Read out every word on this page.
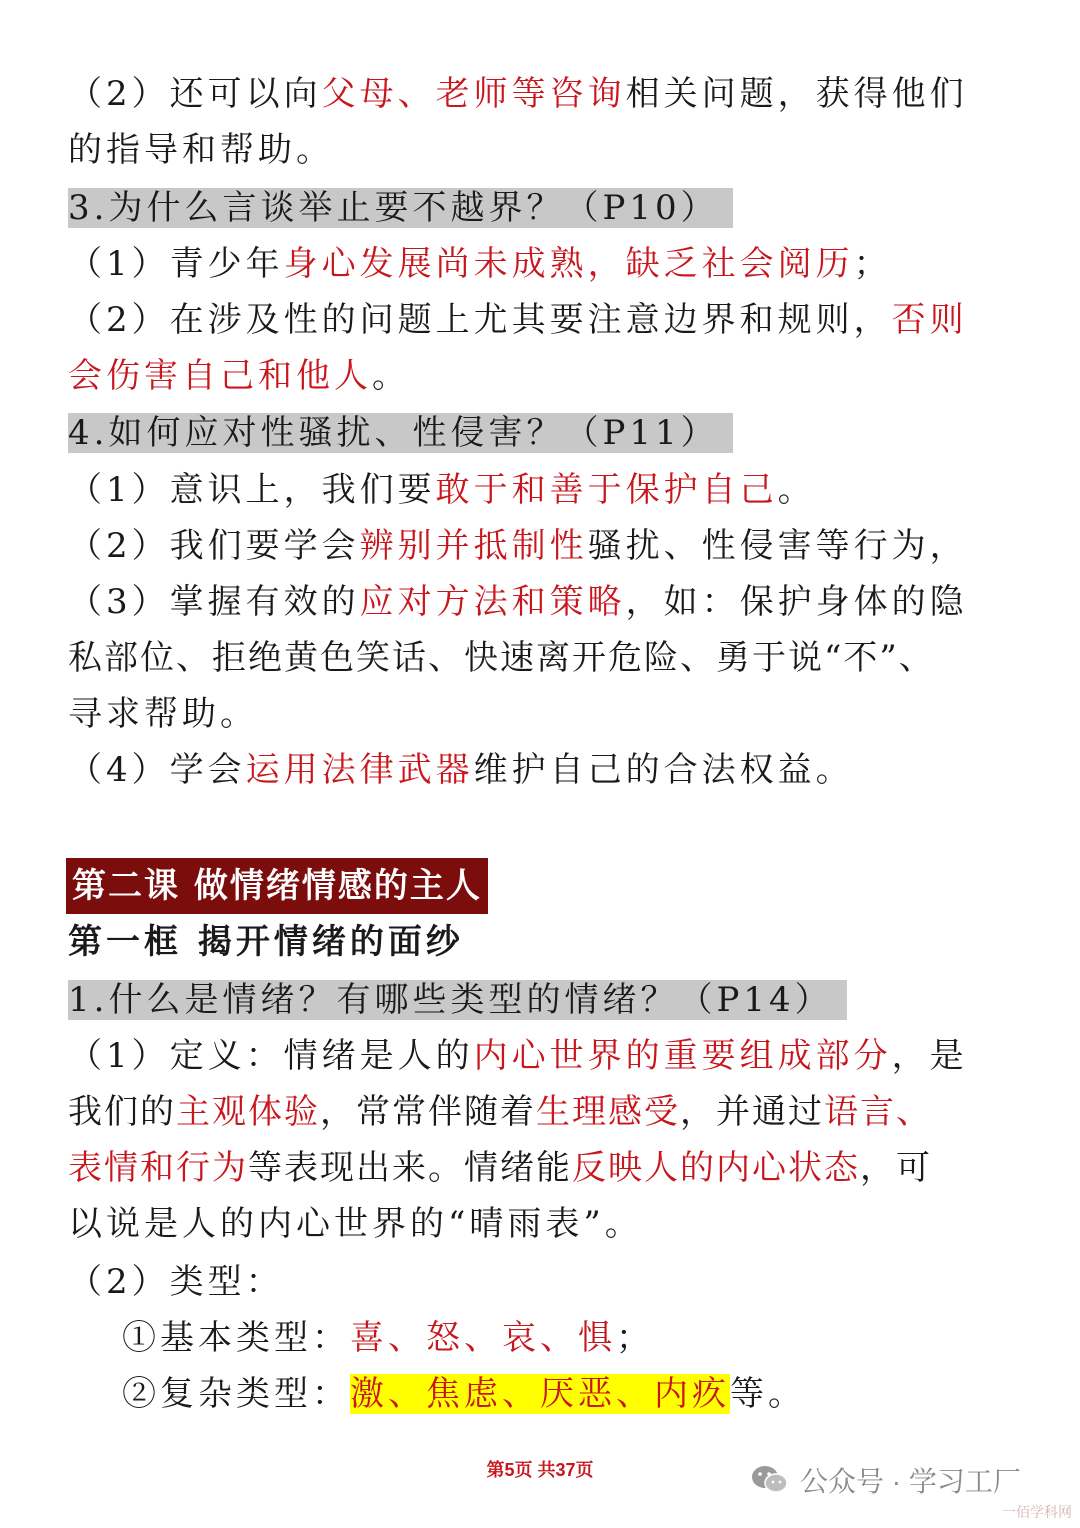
（2）还可以向父母、老师等咨询相关问题，获得他们
的指导和帮助。
3.为什么言谈举止要不越界？（P10）
（1）青少年身心发展尚未成熟，缺乏社会阅历；
（2）在涉及性的问题上尤其要注意边界和规则，否则
会伤害自己和他人。
4.如何应对性骚扰、性侵害？（P11）
（1）意识上，我们要敢于和善于保护自己。
（2）我们要学会辨别并抵制性骚扰、性侵害等行为，
（3）掌握有效的应对方法和策略，如：保护身体的隐
私部位、拒绝黄色笑话、快速离开危险、勇于说“不”、
寻求帮助。
（4）学会运用法律武器维护自己的合法权益。
第二课 做情绪情感的主人
第一框 揭开情绪的面纱
1.什么是情绪？有哪些类型的情绪？（P14）
（1）定义：情绪是人的内心世界的重要组成部分，是
我们的主观体验，常常伴随着生理感受，并通过语言、
表情和行为等表现出来。情绪能反映人的内心状态，可
以说是人的内心世界的“晴雨表”。
（2）类型：
①基本类型：喜、怒、哀、惧；
②复杂类型：激、焦虑、厌恶、内疚等。
第5页 共37页	公众号 · 学习工厂
一佰学科网
